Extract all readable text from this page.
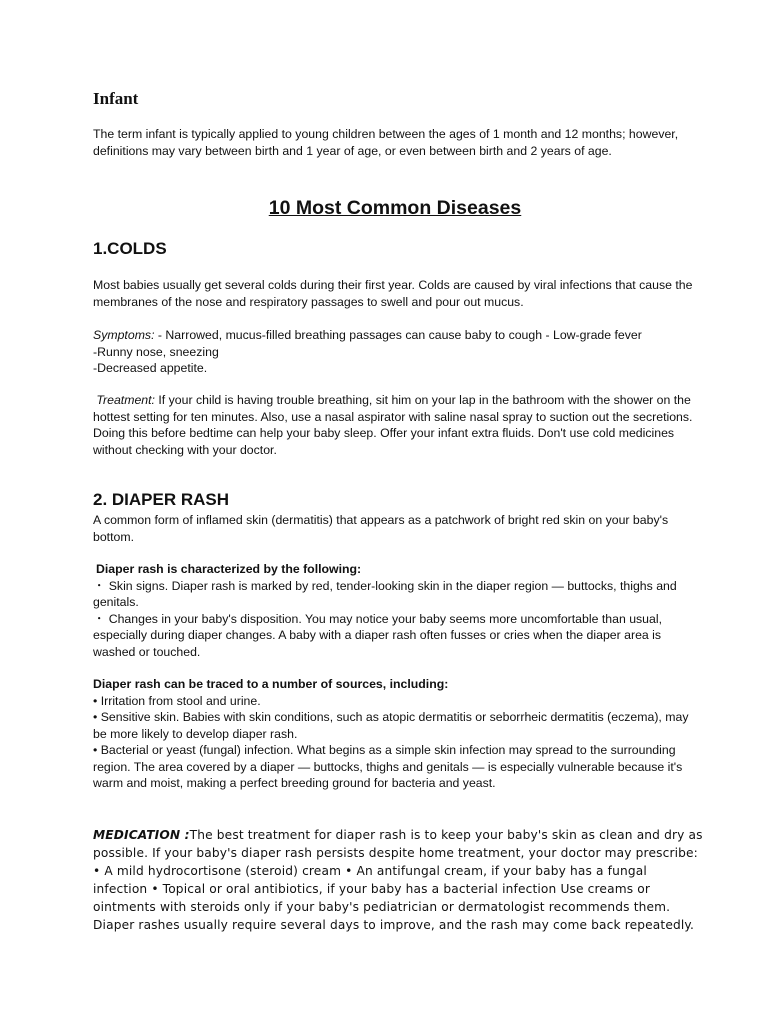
Infant

The term infant is typically applied to young children between the ages of 1 month and 12 months; however, definitions may vary between birth and 1 year of age, or even between birth and 2 years of age.

10 Most Common Diseases
1.COLDS

Most babies usually get several colds during their first year. Colds are caused by viral infections that cause the membranes of the nose and respiratory passages to swell and pour out mucus.

Symptoms: - Narrowed, mucus-filled breathing passages can cause baby to cough - Low-grade fever
-Runny nose, sneezing
-Decreased appetite.

Treatment: If your child is having trouble breathing, sit him on your lap in the bathroom with the shower on the hottest setting for ten minutes. Also, use a nasal aspirator with saline nasal spray to suction out the secretions. Doing this before bedtime can help your baby sleep. Offer your infant extra fluids. Don't use cold medicines without checking with your doctor.

2. DIAPER RASH

A common form of inflamed skin (dermatitis) that appears as a patchwork of bright red skin on your baby's bottom.

Diaper rash is characterized by the following:
・ Skin signs. Diaper rash is marked by red, tender-looking skin in the diaper region — buttocks, thighs and genitals.
・ Changes in your baby's disposition. You may notice your baby seems more uncomfortable than usual, especially during diaper changes. A baby with a diaper rash often fusses or cries when the diaper area is washed or touched.
Diaper rash can be traced to a number of sources, including:
• Irritation from stool and urine.
• Sensitive skin. Babies with skin conditions, such as atopic dermatitis or seborrheic dermatitis (eczema), may be more likely to develop diaper rash.
• Bacterial or yeast (fungal) infection. What begins as a simple skin infection may spread to the surrounding region. The area covered by a diaper — buttocks, thighs and genitals — is especially vulnerable because it's warm and moist, making a perfect breeding ground for bacteria and yeast.
MEDICATION :The best treatment for diaper rash is to keep your baby's skin as clean and dry as
possible. If your baby's diaper rash persists despite home treatment, your doctor may prescribe:
• A mild hydrocortisone (steroid) cream • An antifungal cream, if your baby has a fungal
infection • Topical or oral antibiotics, if your baby has a bacterial infection Use creams or
ointments with steroids only if your baby's pediatrician or dermatologist recommends them.
Diaper rashes usually require several days to improve, and the rash may come back repeatedly.
